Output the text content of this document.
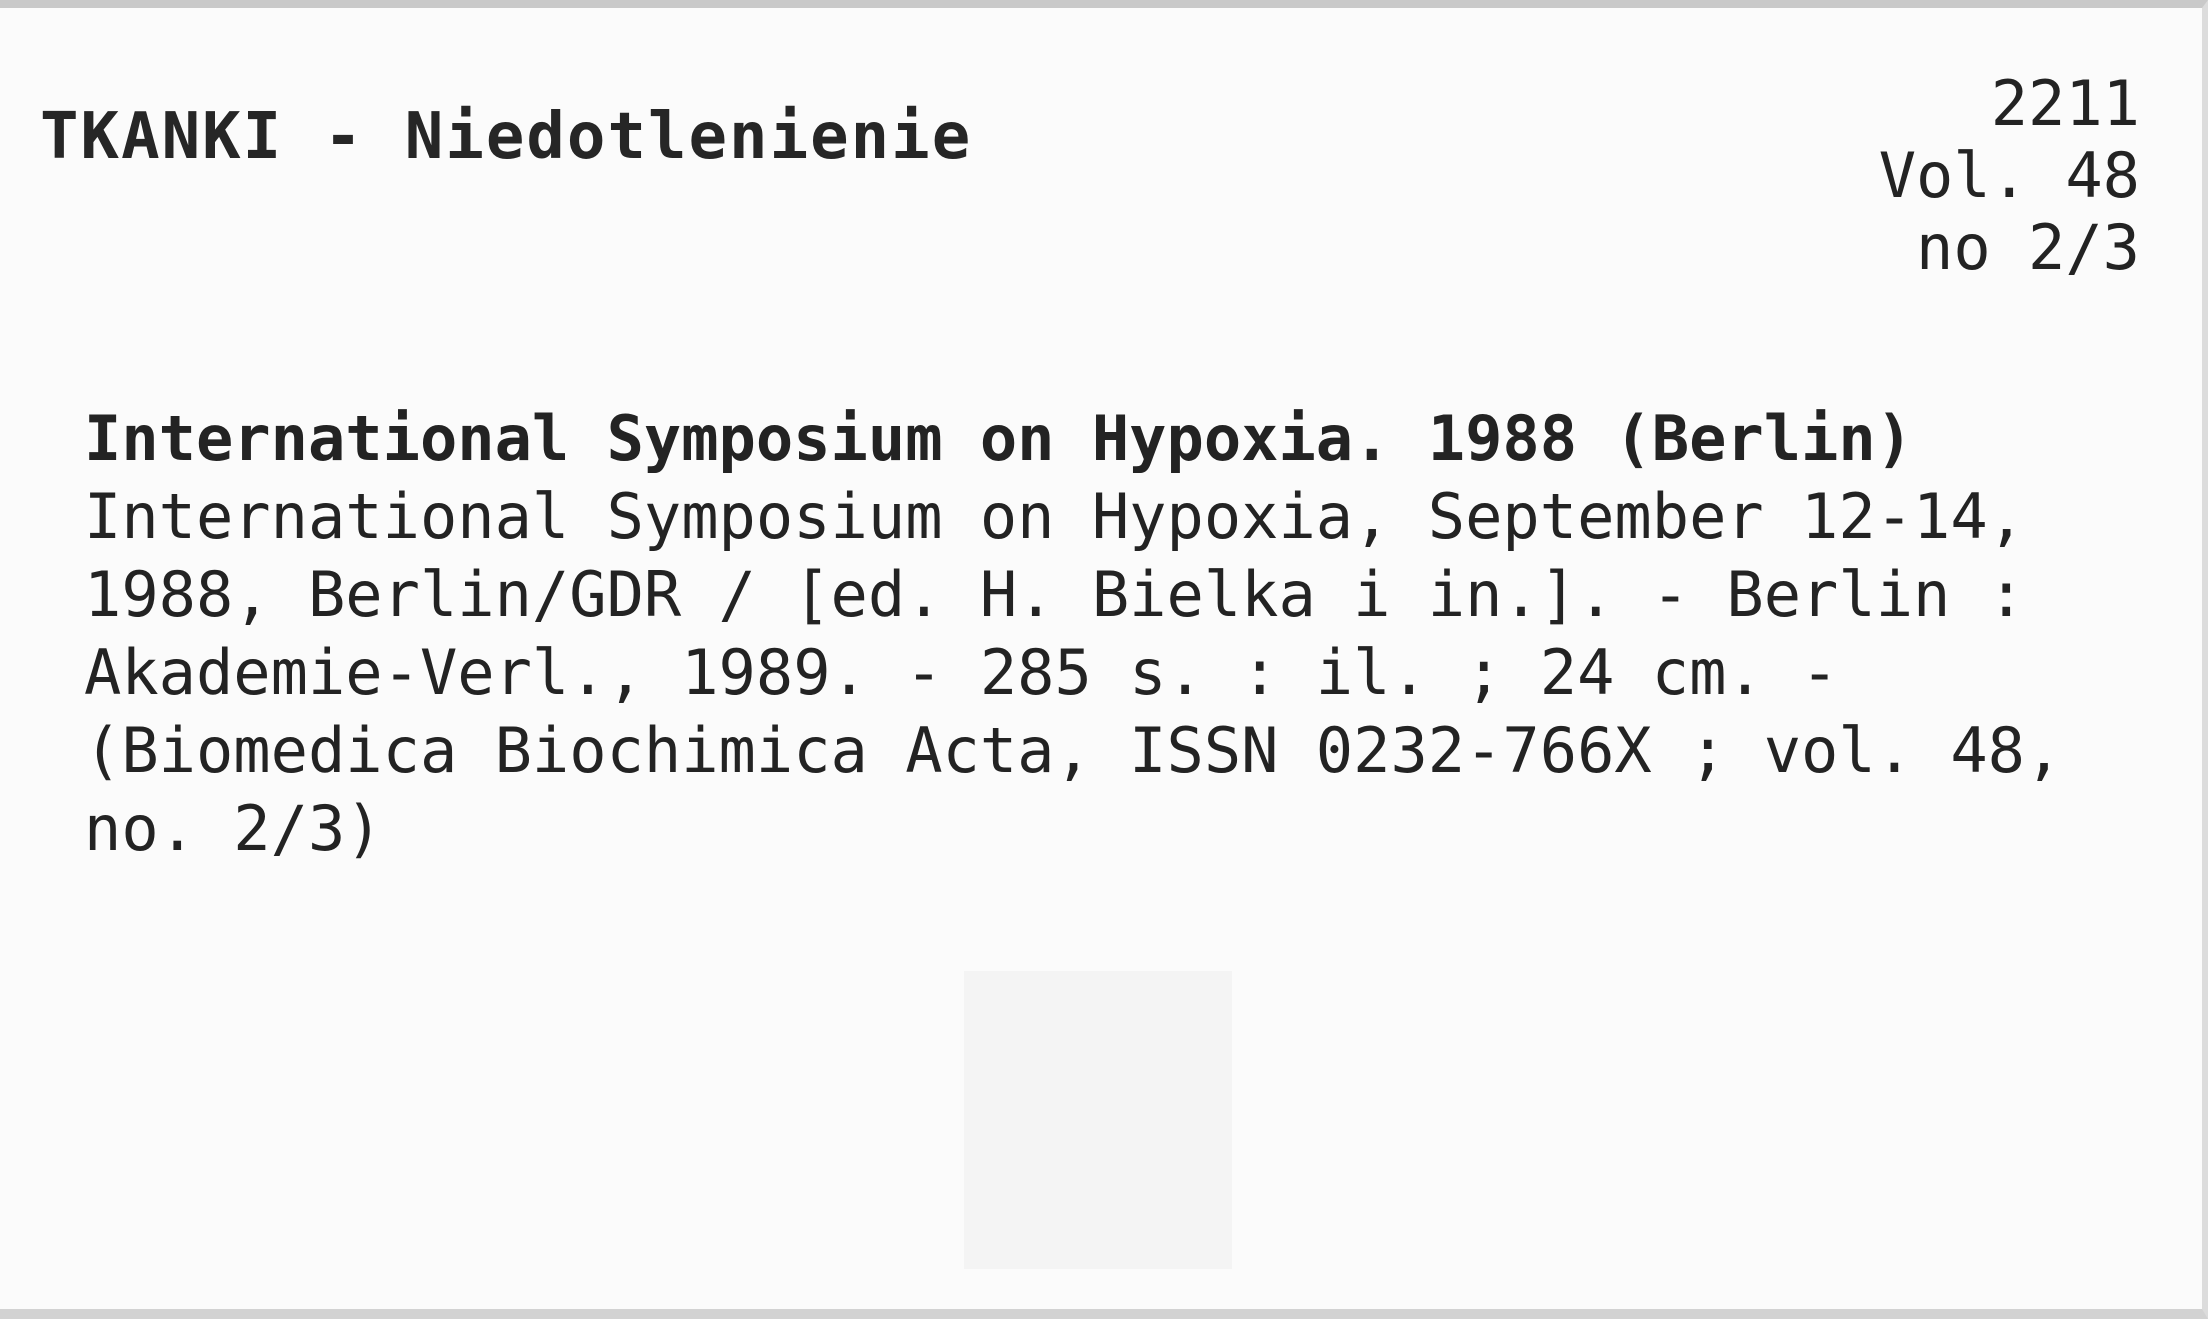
TKANKI - Niedotlenienie	2211
Vol. 48
no 2/3
International Symposium on Hypoxia. 1988 (Berlin)
International Symposium on Hypoxia, September 12-14,
1988, Berlin/GDR / [ed. H. Bielka i in.]. - Berlin :
Akademie-Verl., 1989. - 285 s. : il. ; 24 cm. -
(Biomedica Biochimica Acta, ISSN 0232-766X ; vol. 48,
no. 2/3)
